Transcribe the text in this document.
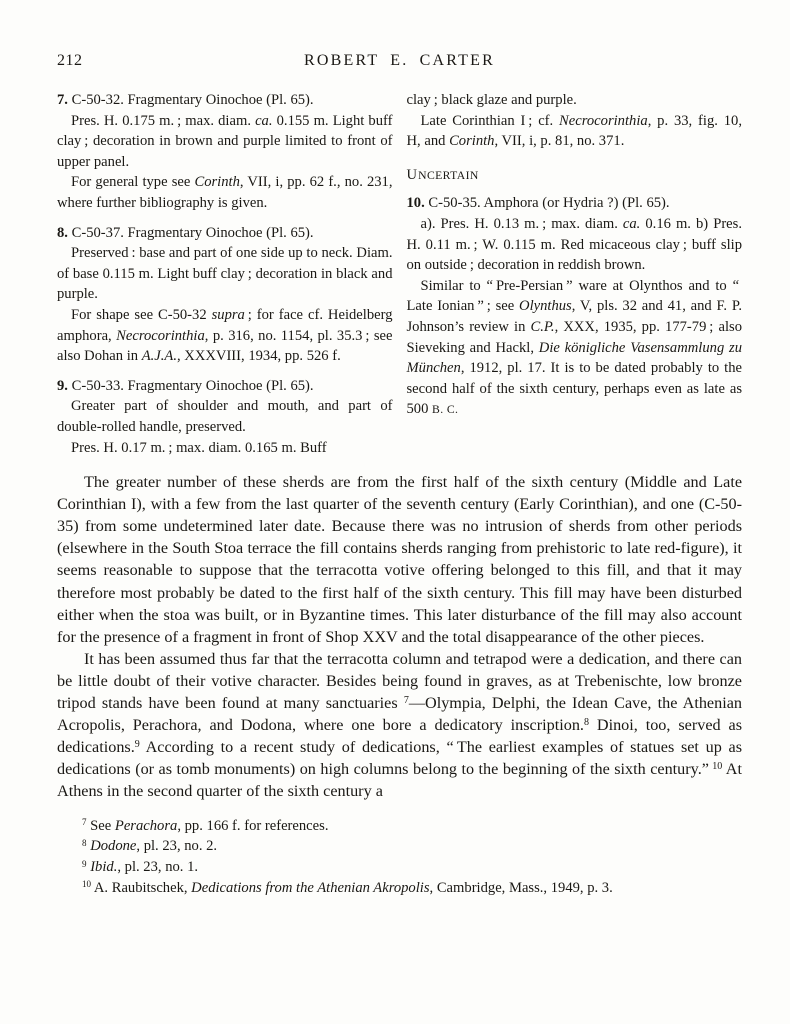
212	ROBERT E. CARTER

7. C-50-32. Fragmentary Oinochoe (Pl. 65).

Pres. H. 0.175 m. ; max. diam. ca. 0.155 m. Light buff clay ; decoration in brown and purple limited to front of upper panel.

For general type see Corinth, VII, i, pp. 62 f., no. 231, where further bibliography is given.

8. C-50-37. Fragmentary Oinochoe (Pl. 65).

Preserved : base and part of one side up to neck. Diam. of base 0.115 m. Light buff clay ; decoration in black and purple.

For shape see C-50-32 supra ; for face cf. Heidelberg amphora, Necrocorinthia, p. 316, no. 1154, pl. 35.3 ; see also Dohan in A.J.A., XXXVIII, 1934, pp. 526 f.

9. C-50-33. Fragmentary Oinochoe (Pl. 65).

Greater part of shoulder and mouth, and part of double-rolled handle, preserved.

Pres. H. 0.17 m. ; max. diam. 0.165 m. Buff

clay ; black glaze and purple.

Late Corinthian I ; cf. Necrocorinthia, p. 33, fig. 10, H, and Corinth, VII, i, p. 81, no. 371.

UNCERTAIN

10. C-50-35. Amphora (or Hydria ?) (Pl. 65).

a). Pres. H. 0.13 m. ; max. diam. ca. 0.16 m. b) Pres. H. 0.11 m. ; W. 0.115 m. Red micaceous clay ; buff slip on outside ; decoration in reddish brown.

Similar to “ Pre-Persian ” ware at Olynthos and to “ Late Ionian ” ; see Olynthus, V, pls. 32 and 41, and F. P. Johnson’s review in C.P., XXX, 1935, pp. 177-79 ; also Sieveking and Hackl, Die königliche Vasensammlung zu München, 1912, pl. 17. It is to be dated probably to the second half of the sixth century, perhaps even as late as 500 B. C.

The greater number of these sherds are from the first half of the sixth century (Middle and Late Corinthian I), with a few from the last quarter of the seventh century (Early Corinthian), and one (C-50-35) from some undetermined later date. Because there was no intrusion of sherds from other periods (elsewhere in the South Stoa terrace the fill contains sherds ranging from prehistoric to late red-figure), it seems reasonable to suppose that the terracotta votive offering belonged to this fill, and that it may therefore most probably be dated to the first half of the sixth century. This fill may have been disturbed either when the stoa was built, or in Byzantine times. This later disturbance of the fill may also account for the presence of a fragment in front of Shop XXV and the total disappearance of the other pieces.

It has been assumed thus far that the terracotta column and tetrapod were a dedication, and there can be little doubt of their votive character. Besides being found in graves, as at Trebenischte, low bronze tripod stands have been found at many sanctuaries $^7$—Olympia, Delphi, the Idean Cave, the Athenian Acropolis, Perachora, and Dodona, where one bore a dedicatory inscription.$^8$ Dinoi, too, served as dedications.$^9$ According to a recent study of dedications, “ The earliest examples of statues set up as dedications (or as tomb monuments) on high columns belong to the beginning of the sixth century.” $^{10}$ At Athens in the second quarter of the sixth century a

$^7$ See Perachora, pp. 166 f. for references.

$^8$ Dodone, pl. 23, no. 2.

$^9$ Ibid., pl. 23, no. 1.

$^{10}$ A. Raubitschek, Dedications from the Athenian Akropolis, Cambridge, Mass., 1949, p. 3.
